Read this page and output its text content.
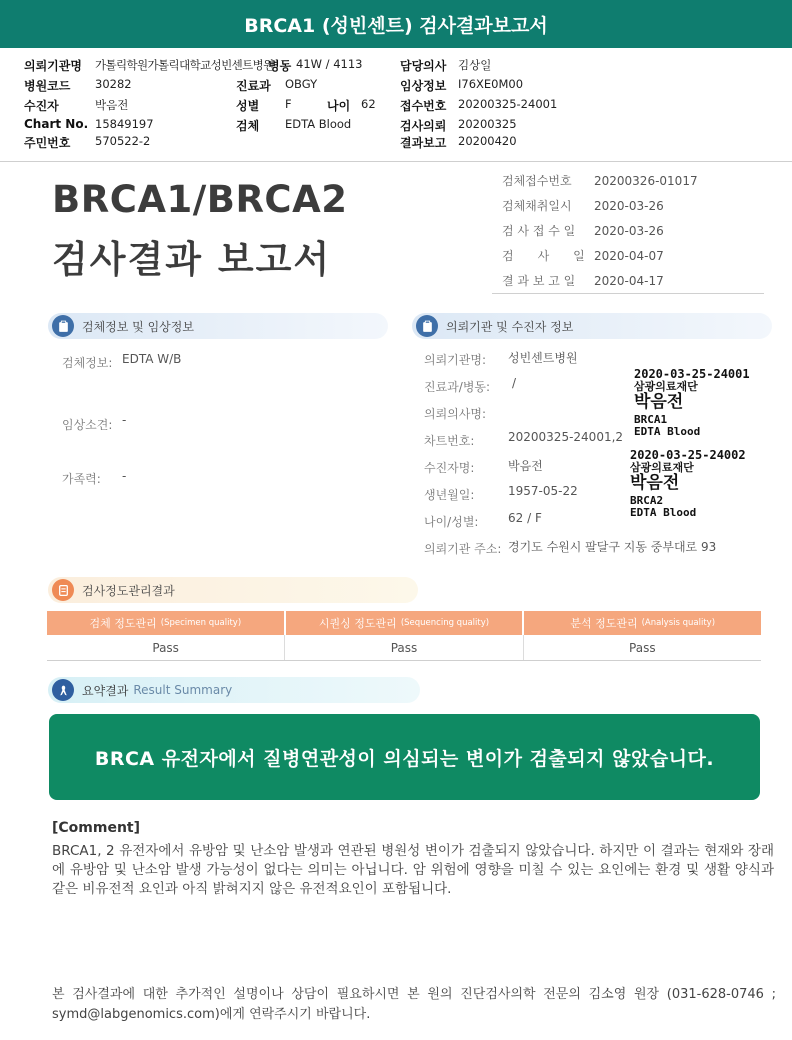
BRCA1 (성빈센트) 검사결과보고서
의뢰기관명 가톨릭학원가톨릭대학교성빈센트병원
병원코드 30282
수진자	박음전
Chart No. 15849197
주민번호 570522-2
병동 41W / 4113
진료과 OBGY
성별 F	나이 62
검체 EDTA Blood
담당의사 김상일
임상정보 I76XE0M00
접수번호 20200325-24001
검사의뢰 20200325
결과보고 20200420
BRCA1/BRCA2
검사결과 보고서
검체접수번호 20200326-01017
검체채취일시 2020-03-26
검 사 접 수 일 2020-03-26
검　　사　　일 2020-04-07
결 과 보 고 일 2020-04-17
검체정보 및 임상정보
검체정보: EDTA W/B
임상소견: -
가족력: -
의뢰기관 및 수진자 정보
의뢰기관명: 성빈센트병원
진료과/병동: /
의뢰의사명:
차트번호:	20200325-24001,2
수진자명:	박음전
생년월일:	1957-05-22
나이/성별: 62 / F
의뢰기관 주소: 경기도 수원시 팔달구 지동 중부대로 93
2020-03-25-24001
삼광의료재단
박음전
BRCA1
EDTA Blood
2020-03-25-24002
삼광의료재단
박음전
BRCA2
EDTA Blood
검사정도관리결과
검체 정도관리 (Specimen quality)	시퀀싱 정도관리 (Sequencing quality)	분석 정도관리 (Analysis quality)
Pass	Pass	Pass
요약결과 Result Summary
BRCA 유전자에서 질병연관성이 의심되는 변이가 검출되지 않았습니다.
[Comment]
BRCA1, 2 유전자에서 유방암 및 난소암 발생과 연관된 병원성 변이가 검출되지 않았습니다. 하지만 이 결과는 현재와 장래에 유방암 및 난소암 발생 가능성이 없다는 의미는 아닙니다. 암 위험에 영향을 미칠 수 있는 요인에는 환경 및 생활 양식과 같은 비유전적 요인과 아직 밝혀지지 않은 유전적요인이 포함됩니다.
본 검사결과에 대한 추가적인 설명이나 상담이 필요하시면 본 원의 진단검사의학 전문의 김소영 원장 (031-628-0746 ; symd@labgenomics.com)에게 연락주시기 바랍니다.
